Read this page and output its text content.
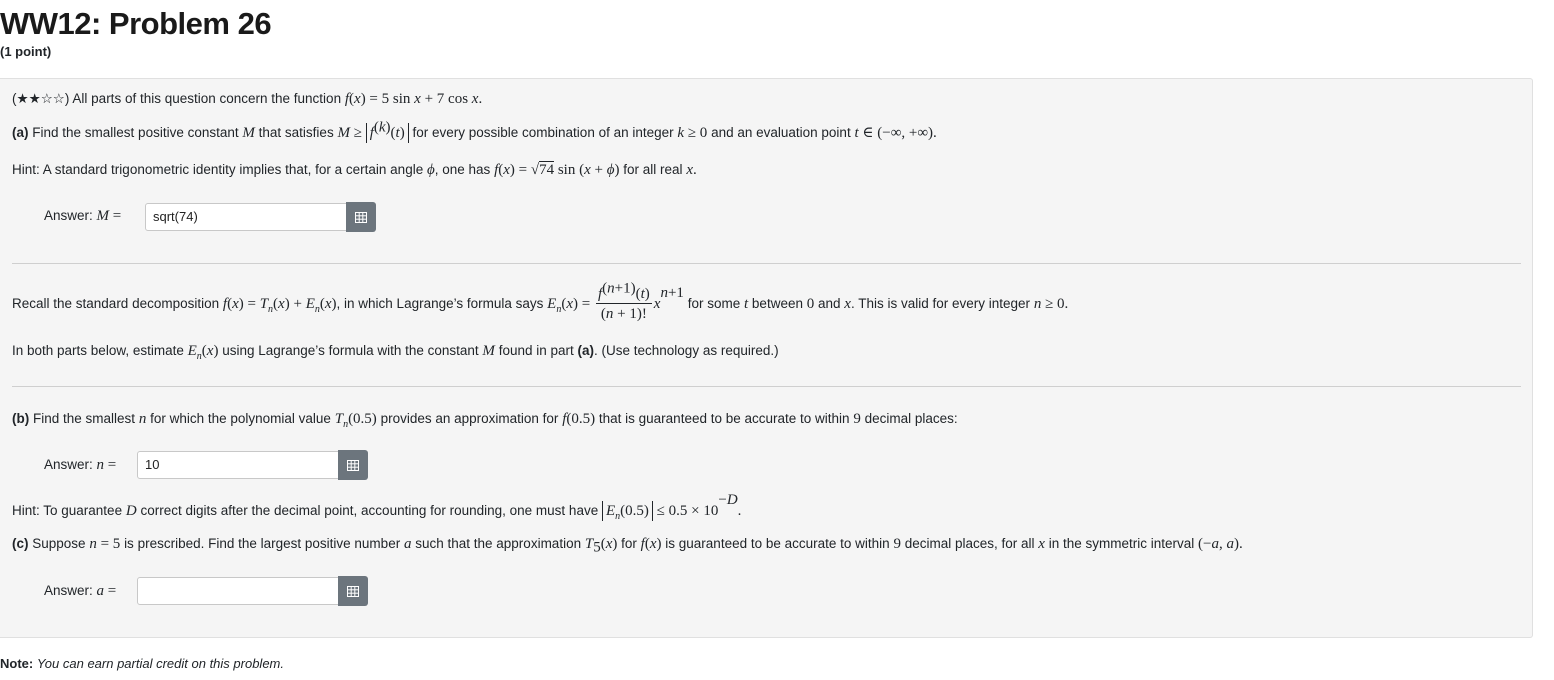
WW12: Problem 26
(1 point)
(★★☆☆) All parts of this question concern the function f(x) = 5 sin x + 7 cos x.
(a) Find the smallest positive constant M that satisfies $M \ge f^{(k)}(t)$ for every possible combination of an integer k ≥ 0 and an evaluation point t ∈ (−∞, +∞).
Hint: A standard trigonometric identity implies that, for a certain angle ϕ, one has f(x) = √74 sin (x + ϕ) for all real x.
Answer: M =	sqrt(74)
Recall the standard decomposition $f(x) = T_n(x) + E_n(x)$, in which Lagrange’s formula says $E_n(x) = \frac{f^{(n+1)}(t)}{(n + 1)!} x^{n+1}$ for some t between 0 and x. This is valid for every integer n ≥ 0.
In both parts below, estimate $E_n(x)$ using Lagrange’s formula with the constant M found in part (a). (Use technology as required.)
(b) Find the smallest n for which the polynomial value $T_n(0.5)$ provides an approximation for f(0.5) that is guaranteed to be accurate to within 9 decimal places:
Answer: n =	10
Hint: To guarantee D correct digits after the decimal point, accounting for rounding, one must have $E_n(0.5) \le 0.5 \times 10^{-D}$.
(c) Suppose n = 5 is prescribed. Find the largest positive number a such that the approximation $T_5(x)$ for f(x) is guaranteed to be accurate to within 9 decimal places, for all x in the symmetric interval (−a, a).
Answer: a =
Note: You can earn partial credit on this problem.
